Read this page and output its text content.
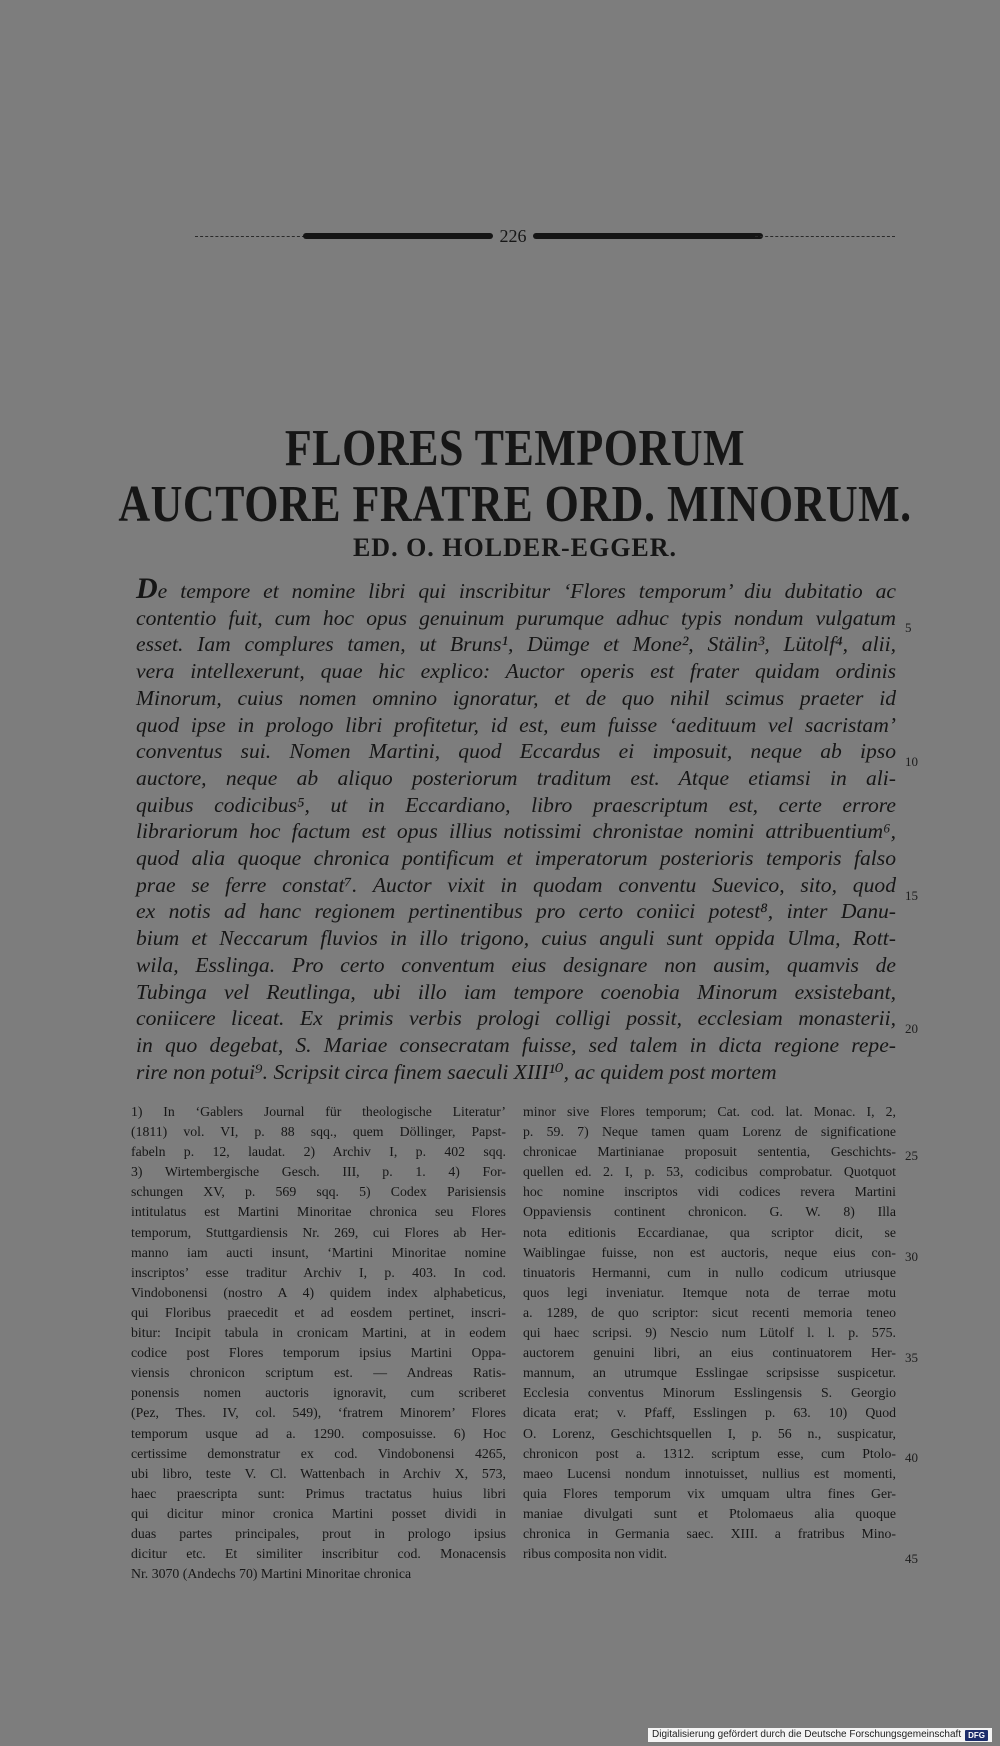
226
FLORES TEMPORUM
AUCTORE FRATRE ORD. MINORUM.
ED. O. HOLDER-EGGER.
De tempore et nomine libri qui inscribitur ‘Flores temporum’ diu dubitatio ac
contentio fuit, cum hoc opus genuinum purumque adhuc typis nondum vulgatum
esset. Iam complures tamen, ut Bruns¹, Dümge et Mone², Stälin³, Lütolf⁴, alii,
vera intellexerunt, quae hic explico: Auctor operis est frater quidam ordinis
Minorum, cuius nomen omnino ignoratur, et de quo nihil scimus praeter id
quod ipse in prologo libri profitetur, id est, eum fuisse ‘aedituum vel sacristam’
conventus sui. Nomen Martini, quod Eccardus ei imposuit, neque ab ipso
auctore, neque ab aliquo posteriorum traditum est. Atque etiamsi in ali-
quibus codicibus⁵, ut in Eccardiano, libro praescriptum est, certe errore
librariorum hoc factum est opus illius notissimi chronistae nomini attribuentium⁶,
quod alia quoque chronica pontificum et imperatorum posterioris temporis falso
prae se ferre constat⁷. Auctor vixit in quodam conventu Suevico, sito, quod
ex notis ad hanc regionem pertinentibus pro certo coniici potest⁸, inter Danu-
bium et Neccarum fluvios in illo trigono, cuius anguli sunt oppida Ulma, Rott-
wila, Esslinga. Pro certo conventum eius designare non ausim, quamvis de
Tubinga vel Reutlinga, ubi illo iam tempore coenobia Minorum exsistebant,
coniicere liceat. Ex primis verbis prologi colligi possit, ecclesiam monasterii,
in quo degebat, S. Mariae consecratam fuisse, sed talem in dicta regione repe-
rire non potui⁹. Scripsit circa finem saeculi XIII¹⁰, ac quidem post mortem
5
10
15
20
1) In ‘Gablers Journal für theologische Literatur’
(1811) vol. VI, p. 88 sqq., quem Döllinger, Papst-
fabeln p. 12, laudat. 2) Archiv I, p. 402 sqq.
3) Wirtembergische Gesch. III, p. 1. 4) For-
schungen XV, p. 569 sqq. 5) Codex Parisiensis
intitulatus est Martini Minoritae chronica seu Flores
temporum, Stuttgardiensis Nr. 269, cui Flores ab Her-
manno iam aucti insunt, ‘Martini Minoritae nomine
inscriptos’ esse traditur Archiv I, p. 403. In cod.
Vindobonensi (nostro A 4) quidem index alphabeticus,
qui Floribus praecedit et ad eosdem pertinet, inscri-
bitur: Incipit tabula in cronicam Martini, at in eodem
codice post Flores temporum ipsius Martini Oppa-
viensis chronicon scriptum est. — Andreas Ratis-
ponensis nomen auctoris ignoravit, cum scriberet
(Pez, Thes. IV, col. 549), ‘fratrem Minorem’ Flores
temporum usque ad a. 1290. composuisse. 6) Hoc
certissime demonstratur ex cod. Vindobonensi 4265,
ubi libro, teste V. Cl. Wattenbach in Archiv X, 573,
haec praescripta sunt: Primus tractatus huius libri
qui dicitur minor cronica Martini posset dividi in
duas partes principales, prout in prologo ipsius
dicitur etc. Et similiter inscribitur cod. Monacensis
Nr. 3070 (Andechs 70) Martini Minoritae chronica
minor sive Flores temporum; Cat. cod. lat. Monac. I, 2,
p. 59. 7) Neque tamen quam Lorenz de significatione
chronicae Martinianae proposuit sententia, Geschichts-
quellen ed. 2. I, p. 53, codicibus comprobatur. Quotquot
hoc nomine inscriptos vidi codices revera Martini
Oppaviensis continent chronicon. G. W. 8) Illa
nota editionis Eccardianae, qua scriptor dicit, se
Waiblingae fuisse, non est auctoris, neque eius con-
tinuatoris Hermanni, cum in nullo codicum utriusque
quos legi inveniatur. Itemque nota de terrae motu
a. 1289, de quo scriptor: sicut recenti memoria teneo
qui haec scripsi. 9) Nescio num Lütolf l. l. p. 575.
auctorem genuini libri, an eius continuatorem Her-
mannum, an utrumque Esslingae scripsisse suspicetur.
Ecclesia conventus Minorum Esslingensis S. Georgio
dicata erat; v. Pfaff, Esslingen p. 63. 10) Quod
O. Lorenz, Geschichtsquellen I, p. 56 n., suspicatur,
chronicon post a. 1312. scriptum esse, cum Ptolo-
maeo Lucensi nondum innotuisset, nullius est momenti,
quia Flores temporum vix umquam ultra fines Ger-
maniae divulgati sunt et Ptolomaeus alia quoque
chronica in Germania saec. XIII. a fratribus Mino-
ribus composita non vidit.
25
30
35
40
45
Digitalisierung gefördert durch die Deutsche Forschungsgemeinschaft DFG
